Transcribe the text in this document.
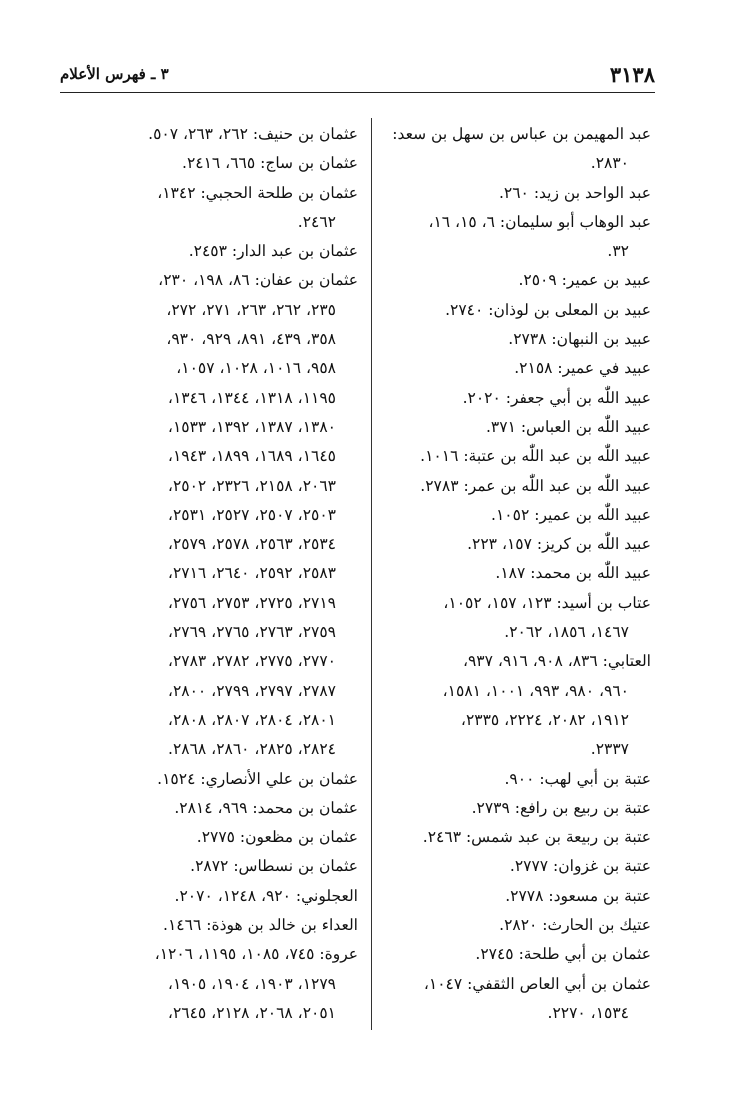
٣١٣٨
٣ ـ فهرس الأعلام
عبد المهيمن بن عباس بن سهل بن سعد:
٢٨٣٠.
عبد الواحد بن زيد: ٢٦٠.
عبد الوهاب أبو سليمان: ٦، ١٥، ١٦،
٣٢.
عبيد بن عمير: ٢٥٠٩.
عبيد بن المعلى بن لوذان: ٢٧٤٠.
عبيد بن النبهان: ٢٧٣٨.
عبيد في عمير: ٢١٥٨.
عبيد اللّٰه بن أبي جعفر: ٢٠٢٠.
عبيد اللّٰه بن العباس: ٣٧١.
عبيد اللّٰه بن عبد اللّٰه بن عتبة: ١٠١٦.
عبيد اللّٰه بن عبد اللّٰه بن عمر: ٢٧٨٣.
عبيد اللّٰه بن عمير: ١٠٥٢.
عبيد اللّٰه بن كريز: ١٥٧، ٢٢٣.
عبيد اللّٰه بن محمد: ١٨٧.
عتاب بن أسيد: ١٢٣، ١٥٧، ١٠٥٢،
١٤٦٧، ١٨٥٦، ٢٠٦٢.
العتابي: ٨٣٦، ٩٠٨، ٩١٦، ٩٣٧،
٩٦٠، ٩٨٠، ٩٩٣، ١٠٠١، ١٥٨١،
١٩١٢، ٢٠٨٢، ٢٢٢٤، ٢٣٣٥،
٢٣٣٧.
عتبة بن أبي لهب: ٩٠٠.
عتبة بن ربيع بن رافع: ٢٧٣٩.
عتبة بن ربيعة بن عبد شمس: ٢٤٦٣.
عتبة بن غزوان: ٢٧٧٧.
عتبة بن مسعود: ٢٧٧٨.
عتيك بن الحارث: ٢٨٢٠.
عثمان بن أبي طلحة: ٢٧٤٥.
عثمان بن أبي العاص الثقفي: ١٠٤٧،
١٥٣٤، ٢٢٧٠.
عثمان بن حنيف: ٢٦٢، ٢٦٣، ٥٠٧.
عثمان بن ساج: ٦٦٥، ٢٤١٦.
عثمان بن طلحة الحجبي: ١٣٤٢،
٢٤٦٢.
عثمان بن عبد الدار: ٢٤٥٣.
عثمان بن عفان: ٨٦، ١٩٨، ٢٣٠،
٢٣٥، ٢٦٢، ٢٦٣، ٢٧١، ٢٧٢،
٣٥٨، ٤٣٩، ٨٩١، ٩٢٩، ٩٣٠،
٩٥٨، ١٠١٦، ١٠٢٨، ١٠٥٧،
١١٩٥، ١٣١٨، ١٣٤٤، ١٣٤٦،
١٣٨٠، ١٣٨٧، ١٣٩٢، ١٥٣٣،
١٦٤٥، ١٦٨٩، ١٨٩٩، ١٩٤٣،
٢٠٦٣، ٢١٥٨، ٢٣٢٦، ٢٥٠٢،
٢٥٠٣، ٢٥٠٧، ٢٥٢٧، ٢٥٣١،
٢٥٣٤، ٢٥٦٣، ٢٥٧٨، ٢٥٧٩،
٢٥٨٣، ٢٥٩٢، ٢٦٤٠، ٢٧١٦،
٢٧١٩، ٢٧٢٥، ٢٧٥٣، ٢٧٥٦،
٢٧٥٩، ٢٧٦٣، ٢٧٦٥، ٢٧٦٩،
٢٧٧٠، ٢٧٧٥، ٢٧٨٢، ٢٧٨٣،
٢٧٨٧، ٢٧٩٧، ٢٧٩٩، ٢٨٠٠،
٢٨٠١، ٢٨٠٤، ٢٨٠٧، ٢٨٠٨،
٢٨٢٤، ٢٨٢٥، ٢٨٦٠، ٢٨٦٨.
عثمان بن علي الأنصاري: ١٥٢٤.
عثمان بن محمد: ٩٦٩، ٢٨١٤.
عثمان بن مظعون: ٢٧٧٥.
عثمان بن نسطاس: ٢٨٧٢.
العجلوني: ٩٢٠، ١٢٤٨، ٢٠٧٠.
العداء بن خالد بن هوذة: ١٤٦٦.
عروة: ٧٤٥، ١٠٨٥، ١١٩٥، ١٢٠٦،
١٢٧٩، ١٩٠٣، ١٩٠٤، ١٩٠٥،
٢٠٥١، ٢٠٦٨، ٢١٢٨، ٢٦٤٥،
